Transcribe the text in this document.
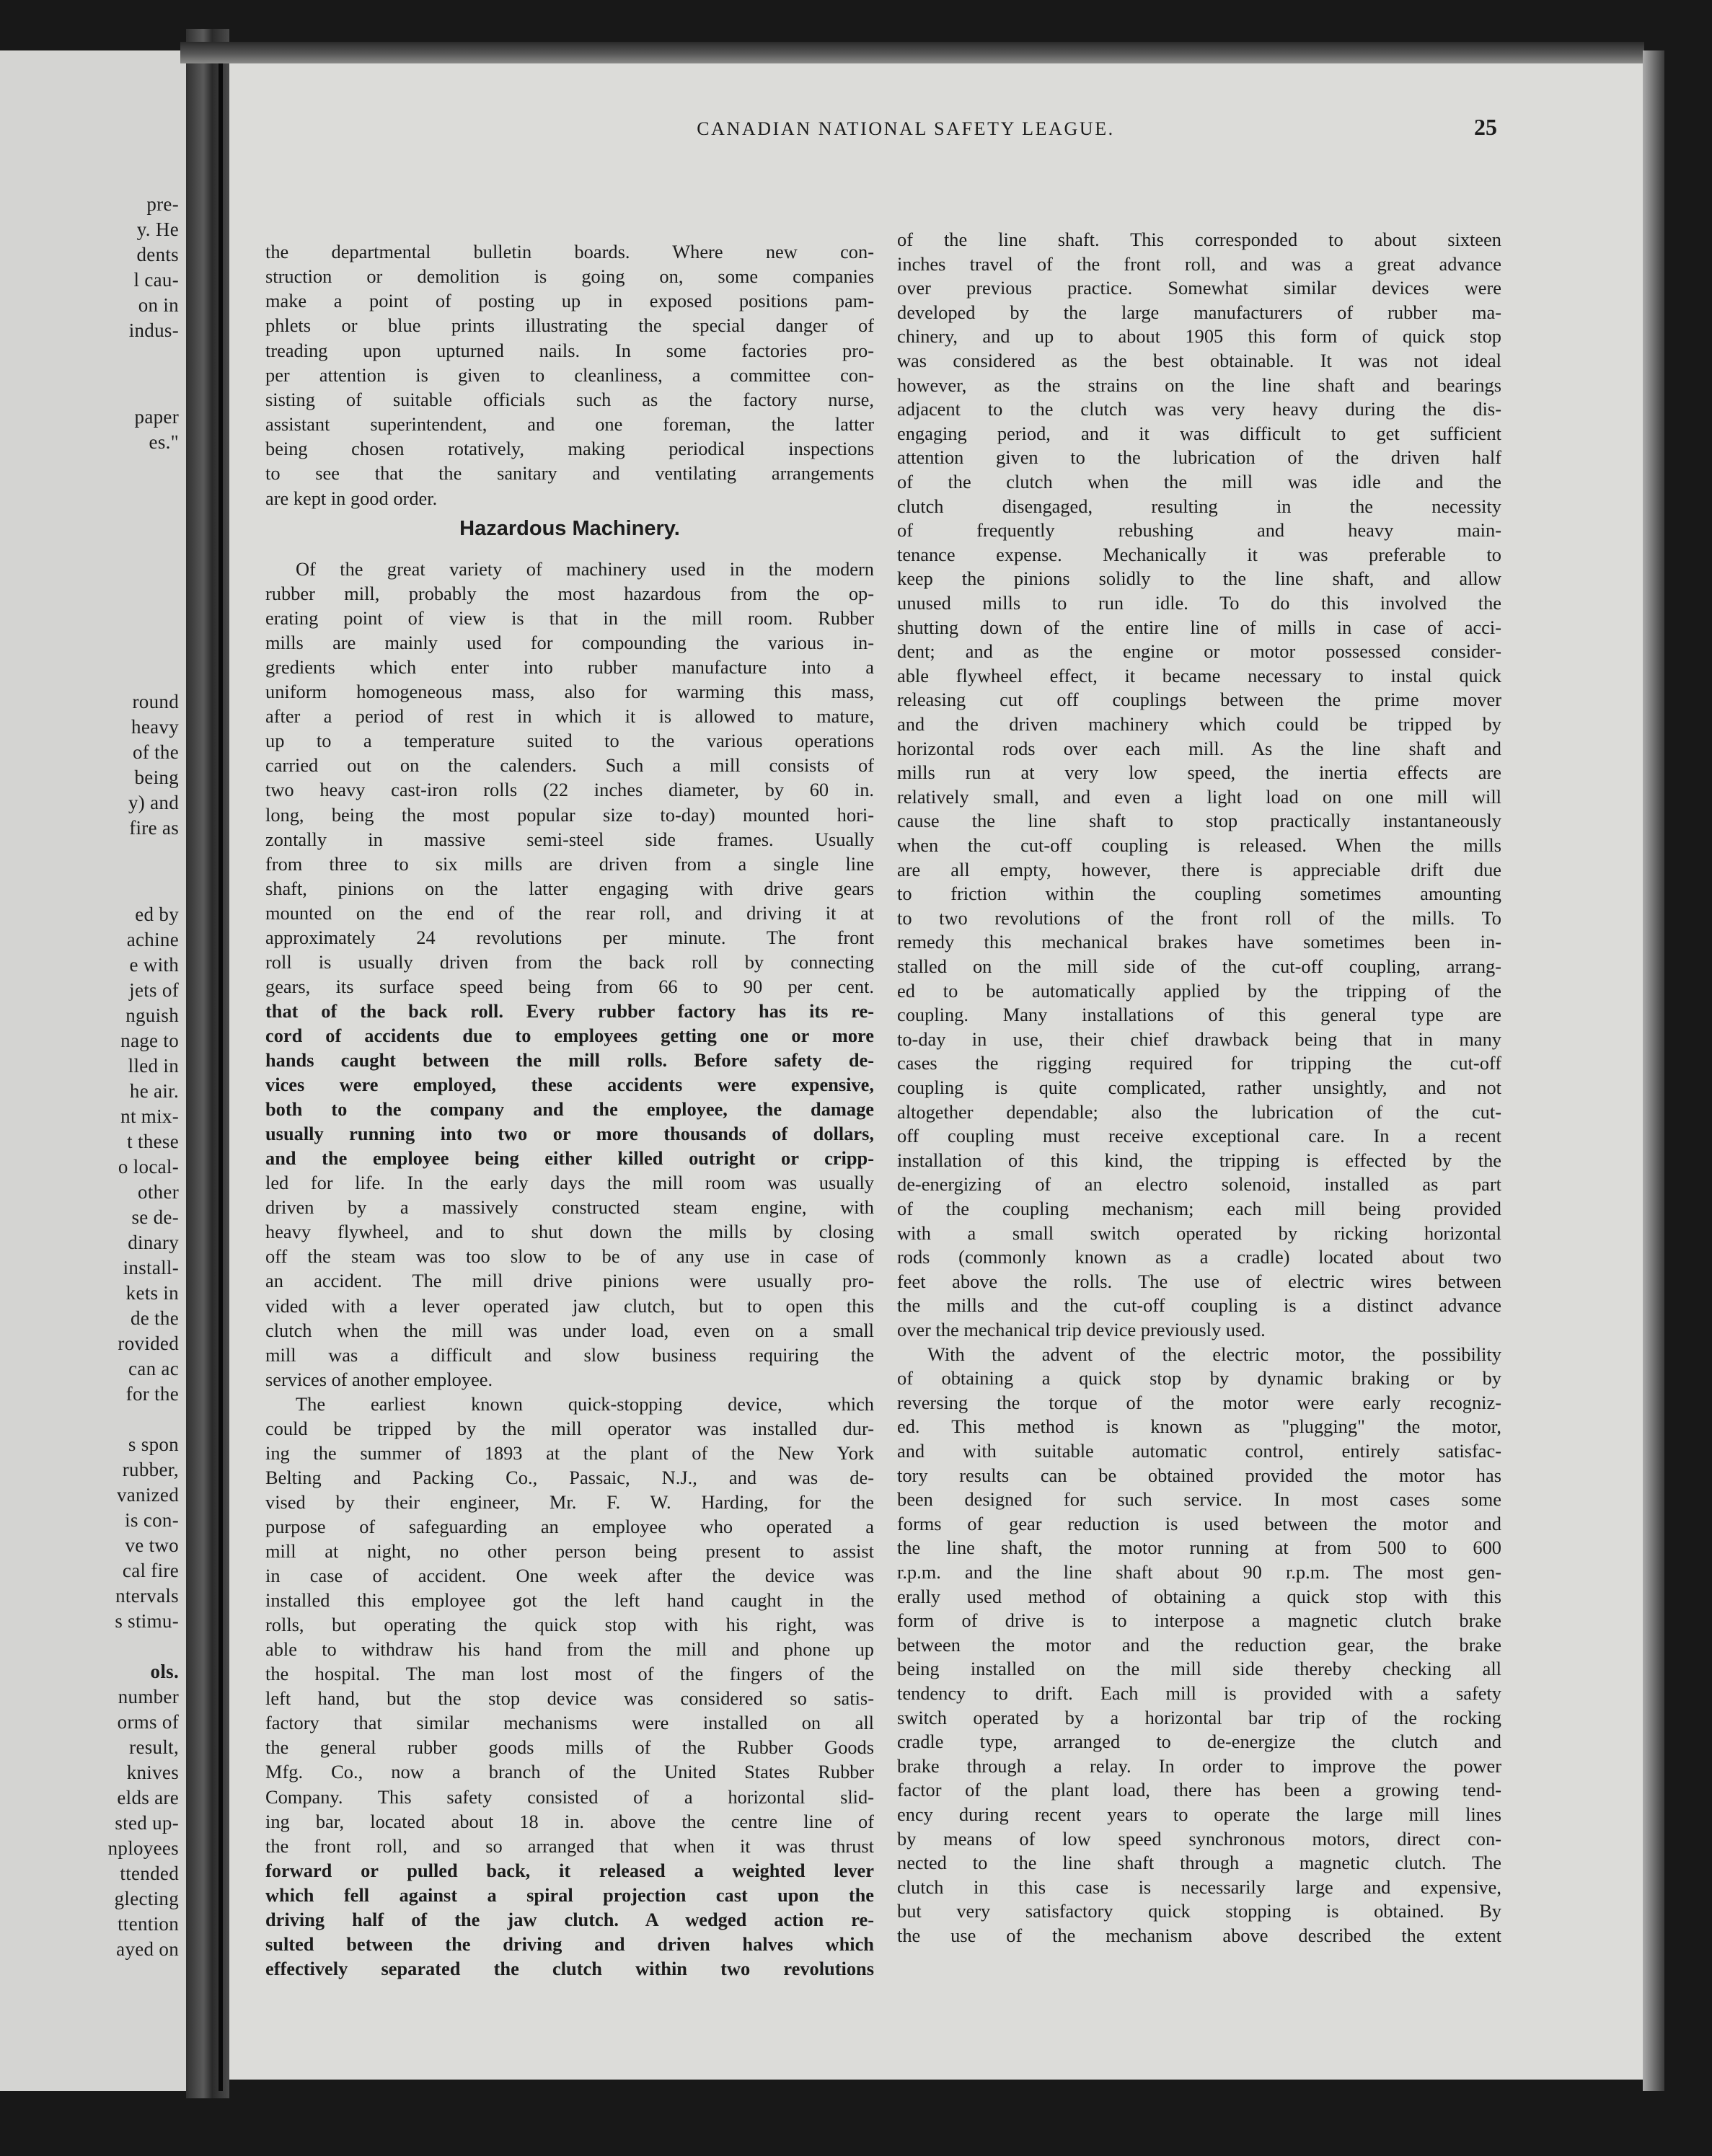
pre-
y. He
dents
l cau-
on in
indus-
paper
es."
round
heavy
of the
being
y) and
fire as
ed by
achine
e with
jets of
nguish
nage to
lled in
he air.
nt mix-
t these
o local-
other
se de-
dinary
install-
kets in
de the
rovided
can ac
for the
s spon
rubber,
vanized
is con-
ve two
cal fire
ntervals
s stimu-
ols.
number
orms of
result,
knives
elds are
sted up-
nployees
ttended
glecting
ttention
ayed on
CANADIAN NATIONAL SAFETY LEAGUE.	25
Hazardous Machinery.
the departmental bulletin boards. Where new con-
struction or demolition is going on, some companies
make a point of posting up in exposed positions pam-
phlets or blue prints illustrating the special danger of
treading upon upturned nails. In some factories pro-
per attention is given to cleanliness, a committee con-
sisting of suitable officials such as the factory nurse,
assistant superintendent, and one foreman, the latter
being chosen rotatively, making periodical inspections
to see that the sanitary and ventilating arrangements
are kept in good order.
Of the great variety of machinery used in the modern
rubber mill, probably the most hazardous from the op-
erating point of view is that in the mill room. Rubber
mills are mainly used for compounding the various in-
gredients which enter into rubber manufacture into a
uniform homogeneous mass, also for warming this mass,
after a period of rest in which it is allowed to mature,
up to a temperature suited to the various operations
carried out on the calenders. Such a mill consists of
two heavy cast-iron rolls (22 inches diameter, by 60 in.
long, being the most popular size to-day) mounted hori-
zontally in massive semi-steel side frames. Usually
from three to six mills are driven from a single line
shaft, pinions on the latter engaging with drive gears
mounted on the end of the rear roll, and driving it at
approximately 24 revolutions per minute. The front
roll is usually driven from the back roll by connecting
gears, its surface speed being from 66 to 90 per cent.
that of the back roll. Every rubber factory has its re-
cord of accidents due to employees getting one or more
hands caught between the mill rolls. Before safety de-
vices were employed, these accidents were expensive,
both to the company and the employee, the damage
usually running into two or more thousands of dollars,
and the employee being either killed outright or cripp-
led for life. In the early days the mill room was usually
driven by a massively constructed steam engine, with
heavy flywheel, and to shut down the mills by closing
off the steam was too slow to be of any use in case of
an accident. The mill drive pinions were usually pro-
vided with a lever operated jaw clutch, but to open this
clutch when the mill was under load, even on a small
mill was a difficult and slow business requiring the
services of another employee.
The earliest known quick-stopping device, which
could be tripped by the mill operator was installed dur-
ing the summer of 1893 at the plant of the New York
Belting and Packing Co., Passaic, N.J., and was de-
vised by their engineer, Mr. F. W. Harding, for the
purpose of safeguarding an employee who operated a
mill at night, no other person being present to assist
in case of accident. One week after the device was
installed this employee got the left hand caught in the
rolls, but operating the quick stop with his right, was
able to withdraw his hand from the mill and phone up
the hospital. The man lost most of the fingers of the
left hand, but the stop device was considered so satis-
factory that similar mechanisms were installed on all
the general rubber goods mills of the Rubber Goods
Mfg. Co., now a branch of the United States Rubber
Company. This safety consisted of a horizontal slid-
ing bar, located about 18 in. above the centre line of
the front roll, and so arranged that when it was thrust
forward or pulled back, it released a weighted lever
which fell against a spiral projection cast upon the
driving half of the jaw clutch. A wedged action re-
sulted between the driving and driven halves which
effectively separated the clutch within two revolutions
of the line shaft. This corresponded to about sixteen
inches travel of the front roll, and was a great advance
over previous practice. Somewhat similar devices were
developed by the large manufacturers of rubber ma-
chinery, and up to about 1905 this form of quick stop
was considered as the best obtainable. It was not ideal
however, as the strains on the line shaft and bearings
adjacent to the clutch was very heavy during the dis-
engaging period, and it was difficult to get sufficient
attention given to the lubrication of the driven half
of the clutch when the mill was idle and the
clutch disengaged, resulting in the necessity
of frequently rebushing and heavy main-
tenance expense. Mechanically it was preferable to
keep the pinions solidly to the line shaft, and allow
unused mills to run idle. To do this involved the
shutting down of the entire line of mills in case of acci-
dent; and as the engine or motor possessed consider-
able flywheel effect, it became necessary to instal quick
releasing cut off couplings between the prime mover
and the driven machinery which could be tripped by
horizontal rods over each mill. As the line shaft and
mills run at very low speed, the inertia effects are
relatively small, and even a light load on one mill will
cause the line shaft to stop practically instantaneously
when the cut-off coupling is released. When the mills
are all empty, however, there is appreciable drift due
to friction within the coupling sometimes amounting
to two revolutions of the front roll of the mills. To
remedy this mechanical brakes have sometimes been in-
stalled on the mill side of the cut-off coupling, arrang-
ed to be automatically applied by the tripping of the
coupling. Many installations of this general type are
to-day in use, their chief drawback being that in many
cases the rigging required for tripping the cut-off
coupling is quite complicated, rather unsightly, and not
altogether dependable; also the lubrication of the cut-
off coupling must receive exceptional care. In a recent
installation of this kind, the tripping is effected by the
de-energizing of an electro solenoid, installed as part
of the coupling mechanism; each mill being provided
with a small switch operated by ricking horizontal
rods (commonly known as a cradle) located about two
feet above the rolls. The use of electric wires between
the mills and the cut-off coupling is a distinct advance
over the mechanical trip device previously used.
With the advent of the electric motor, the possibility
of obtaining a quick stop by dynamic braking or by
reversing the torque of the motor were early recogniz-
ed. This method is known as "plugging" the motor,
and with suitable automatic control, entirely satisfac-
tory results can be obtained provided the motor has
been designed for such service. In most cases some
forms of gear reduction is used between the motor and
the line shaft, the motor running at from 500 to 600
r.p.m. and the line shaft about 90 r.p.m. The most gen-
erally used method of obtaining a quick stop with this
form of drive is to interpose a magnetic clutch brake
between the motor and the reduction gear, the brake
being installed on the mill side thereby checking all
tendency to drift. Each mill is provided with a safety
switch operated by a horizontal bar trip of the rocking
cradle type, arranged to de-energize the clutch and
brake through a relay. In order to improve the power
factor of the plant load, there has been a growing tend-
ency during recent years to operate the large mill lines
by means of low speed synchronous motors, direct con-
nected to the line shaft through a magnetic clutch. The
clutch in this case is necessarily large and expensive,
but very satisfactory quick stopping is obtained. By
the use of the mechanism above described the extent
